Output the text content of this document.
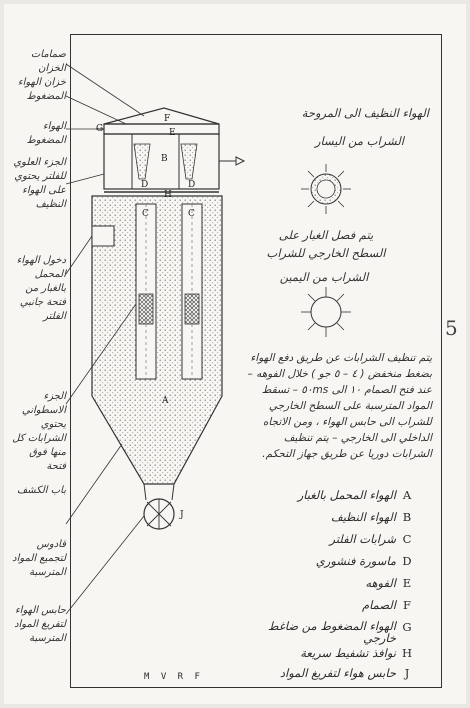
G
F
E
B
D	D
H
C	C
A
J
صمامات الخزان
خزان الهواء المضغوط
الهواء المضغوط
الجزء العلوي للفلتر يحتوي على الهواء النظيف
دخول الهواء المحمل بالغبار من فتحة جانبي الفلتر
الجزء الاسطواني يحتوي الشرابات كل منها فوق فتحة
باب الكشف
قادوس لتجميع المواد المترسبة
حابس الهواء لتفريغ المواد المترسبة
الهواء النظيف الى المروحة
الشراب من اليسار
يتم فصل الغبار على السطح الخارجي للشراب
الشراب من اليمين
يتم تنظيف الشرابات عن طريق دفع الهواء بضغط منخفض ( ٤ – ٥ جو ) خلال الفوهه – عند فتح الصمام ١٠ الى ٥٠ms – تسقط المواد المترسبة على السطح الخارجي للشراب الى حابس الهواء ، ومن الاتجاه الداخلي الى الخارجي – يتم تنظيف الشرابات دوريا عن طريق جهاز التحكم.
A
الهواء المحمل بالغبار
B
الهواء النظيف
C
شرابات الفلتر
D
ماسورة فنشوري
E
الفوهه
F
الصمام
G
الهواء المضغوط من ضاغط خارجي
H
نوافذ تشفيط سريعة
J
حابس هواء لتفريغ المواد
5
M V R F
